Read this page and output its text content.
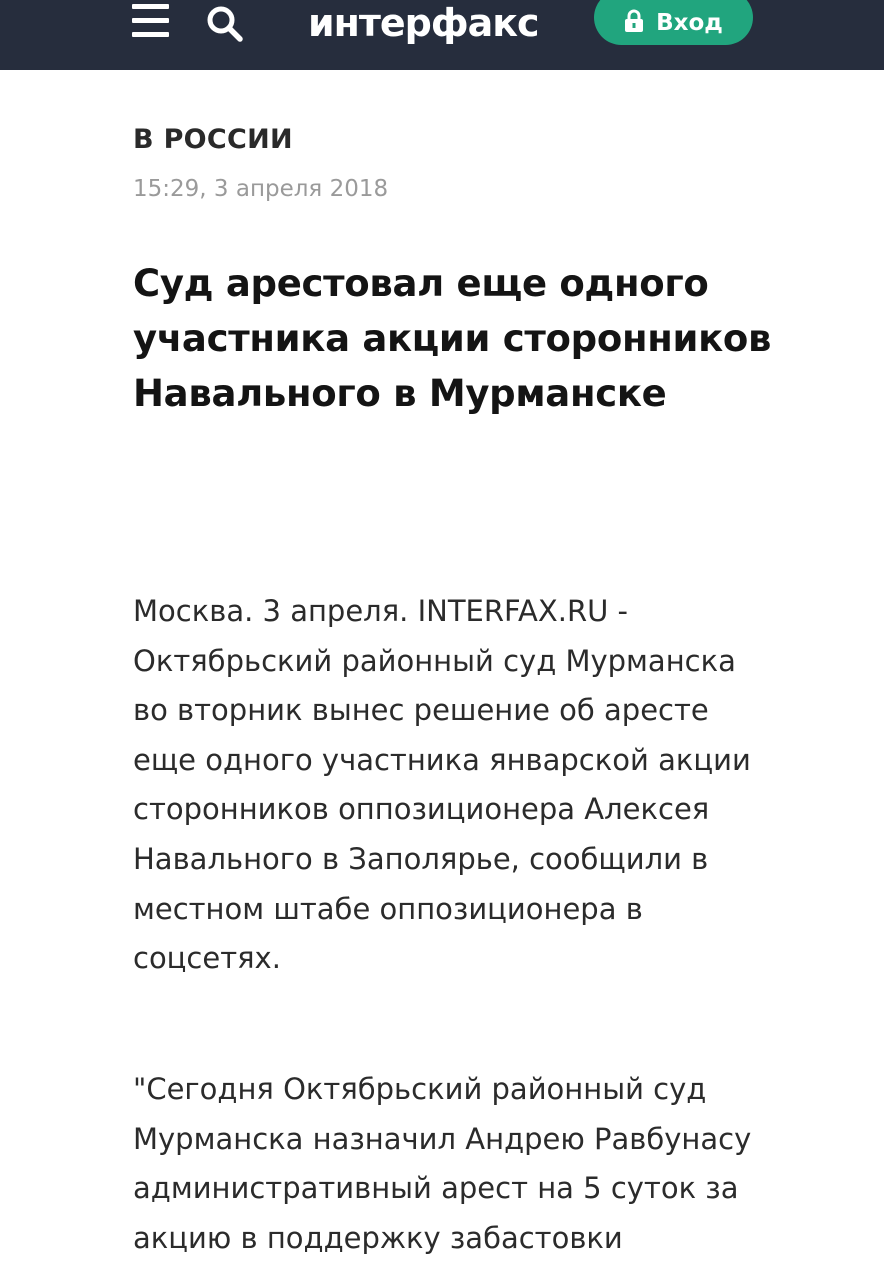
интерфакс	Вход
В РОССИИ
15:29, 3 апреля 2018
Суд арестовал еще одного участника акции сторонников Навального в Мурманске

Москва. 3 апреля. INTERFAX.RU - Октябрьский районный суд Мурманска во вторник вынес решение об аресте еще одного участника январской акции сторонников оппозиционера Алексея Навального в Заполярье, сообщили в местном штабе оппозиционера в соцсетях.

"Сегодня Октябрьский районный суд Мурманска назначил Андрею Равбунасу административный арест на 5 суток за акцию в поддержку забастовки
